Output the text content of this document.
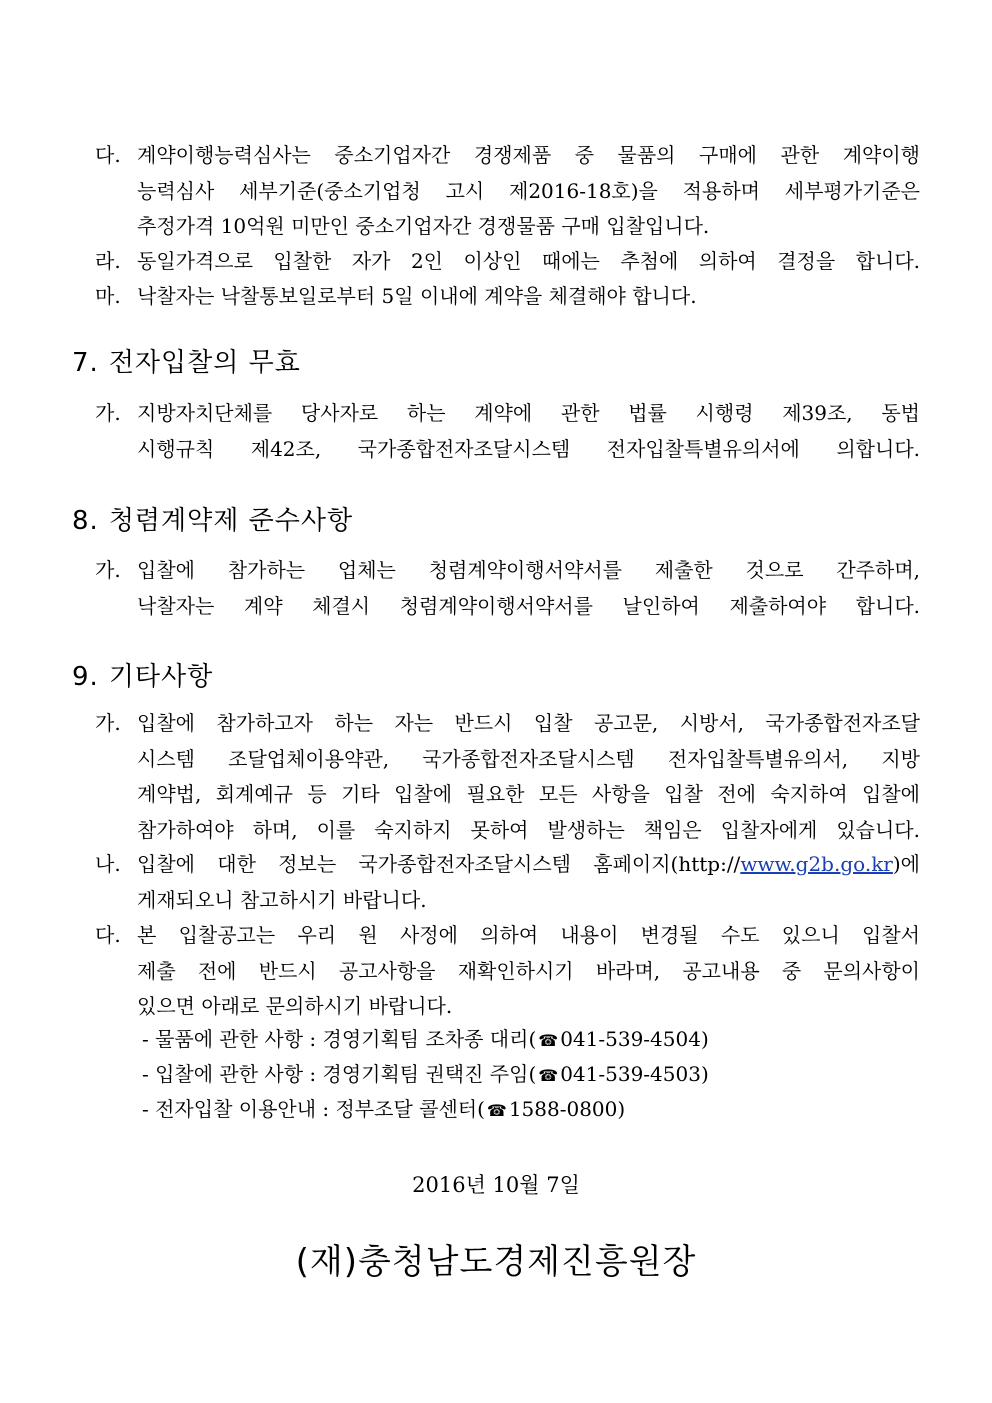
다. 계약이행능력심사는 중소기업자간 경쟁제품 중 물품의 구매에 관한 계약이행
능력심사 세부기준(중소기업청 고시 제2016-18호)을 적용하며 세부평가기준은
추정가격 10억원 미만인 중소기업자간 경쟁물품 구매 입찰입니다.
라. 동일가격으로 입찰한 자가 2인 이상인 때에는 추첨에 의하여 결정을 합니다.
마. 낙찰자는 낙찰통보일로부터 5일 이내에 계약을 체결해야 합니다.
7. 전자입찰의 무효
가. 지방자치단체를 당사자로 하는 계약에 관한 법률 시행령 제39조, 동법
시행규칙 제42조, 국가종합전자조달시스템 전자입찰특별유의서에 의합니다.
8. 청렴계약제 준수사항
가. 입찰에 참가하는 업체는 청렴계약이행서약서를 제출한 것으로 간주하며,
낙찰자는 계약 체결시 청렴계약이행서약서를 날인하여 제출하여야 합니다.
9. 기타사항
가. 입찰에 참가하고자 하는 자는 반드시 입찰 공고문, 시방서, 국가종합전자조달
시스템 조달업체이용약관, 국가종합전자조달시스템 전자입찰특별유의서, 지방
계약법, 회계예규 등 기타 입찰에 필요한 모든 사항을 입찰 전에 숙지하여 입찰에
참가하여야 하며, 이를 숙지하지 못하여 발생하는 책임은 입찰자에게 있습니다.
나. 입찰에 대한 정보는 국가종합전자조달시스템 홈페이지(http://www.g2b.go.kr)에
게재되오니 참고하시기 바랍니다.
다. 본 입찰공고는 우리 원 사정에 의하여 내용이 변경될 수도 있으니 입찰서
제출 전에 반드시 공고사항을 재확인하시기 바라며, 공고내용 중 문의사항이
있으면 아래로 문의하시기 바랍니다.
- 물품에 관한 사항 : 경영기획팀 조차종 대리( ☎ 041-539-4504)
- 입찰에 관한 사항 : 경영기획팀 권택진 주임( ☎ 041-539-4503)
- 전자입찰 이용안내 : 정부조달 콜센터( ☎ 1588-0800)
2016년 10월 7일
(재)충청남도경제진흥원장
